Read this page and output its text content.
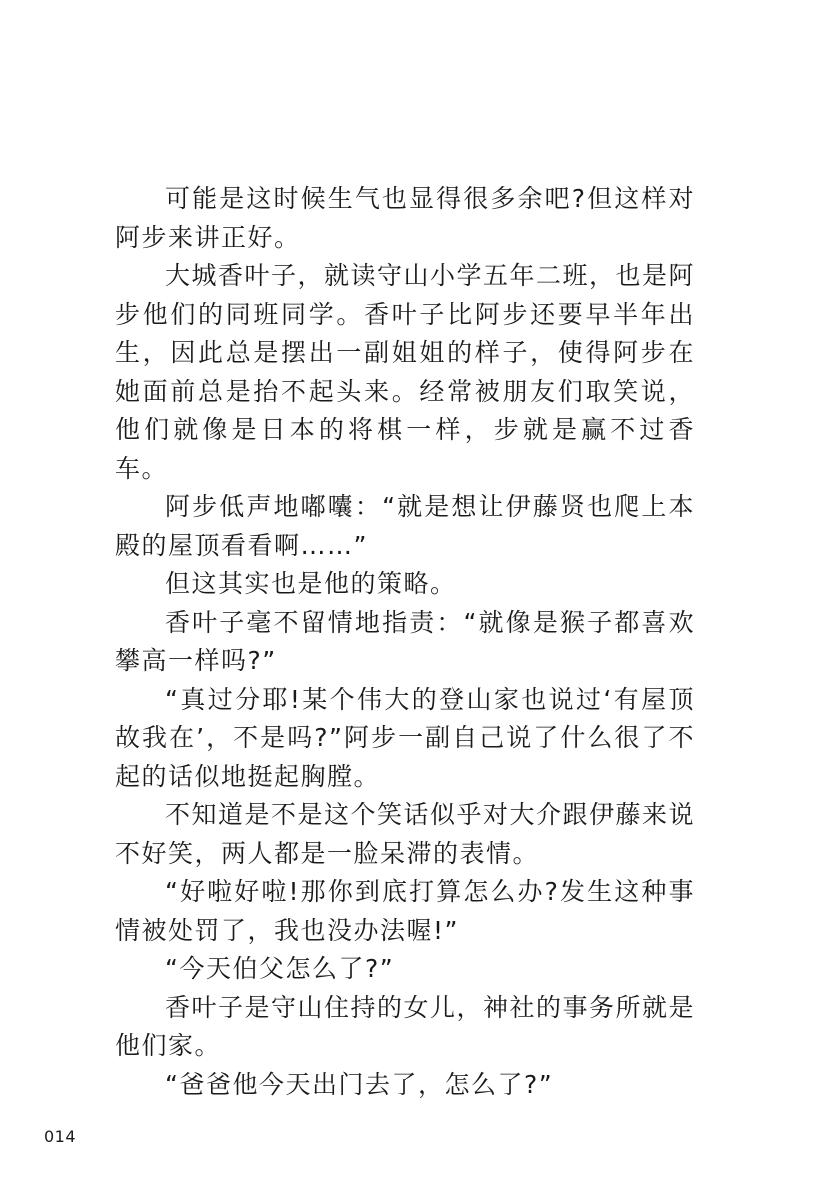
可能是这时候生气也显得很多余吧?但这样对阿步来讲正好。

大城香叶子，就读守山小学五年二班，也是阿步他们的同班同学。香叶子比阿步还要早半年出生，因此总是摆出一副姐姐的样子，使得阿步在她面前总是抬不起头来。经常被朋友们取笑说，他们就像是日本的将棋一样，步就是赢不过香车。

阿步低声地嘟囔：“就是想让伊藤贤也爬上本殿的屋顶看看啊……”

但这其实也是他的策略。

香叶子毫不留情地指责：“就像是猴子都喜欢攀高一样吗?”

“真过分耶!某个伟大的登山家也说过‘有屋顶故我在’，不是吗?”阿步一副自己说了什么很了不起的话似地挺起胸膛。

不知道是不是这个笑话似乎对大介跟伊藤来说不好笑，两人都是一脸呆滞的表情。

“好啦好啦!那你到底打算怎么办?发生这种事情被处罚了，我也没办法喔!”

“今天伯父怎么了?”

香叶子是守山住持的女儿，神社的事务所就是他们家。

“爸爸他今天出门去了，怎么了?”

014
